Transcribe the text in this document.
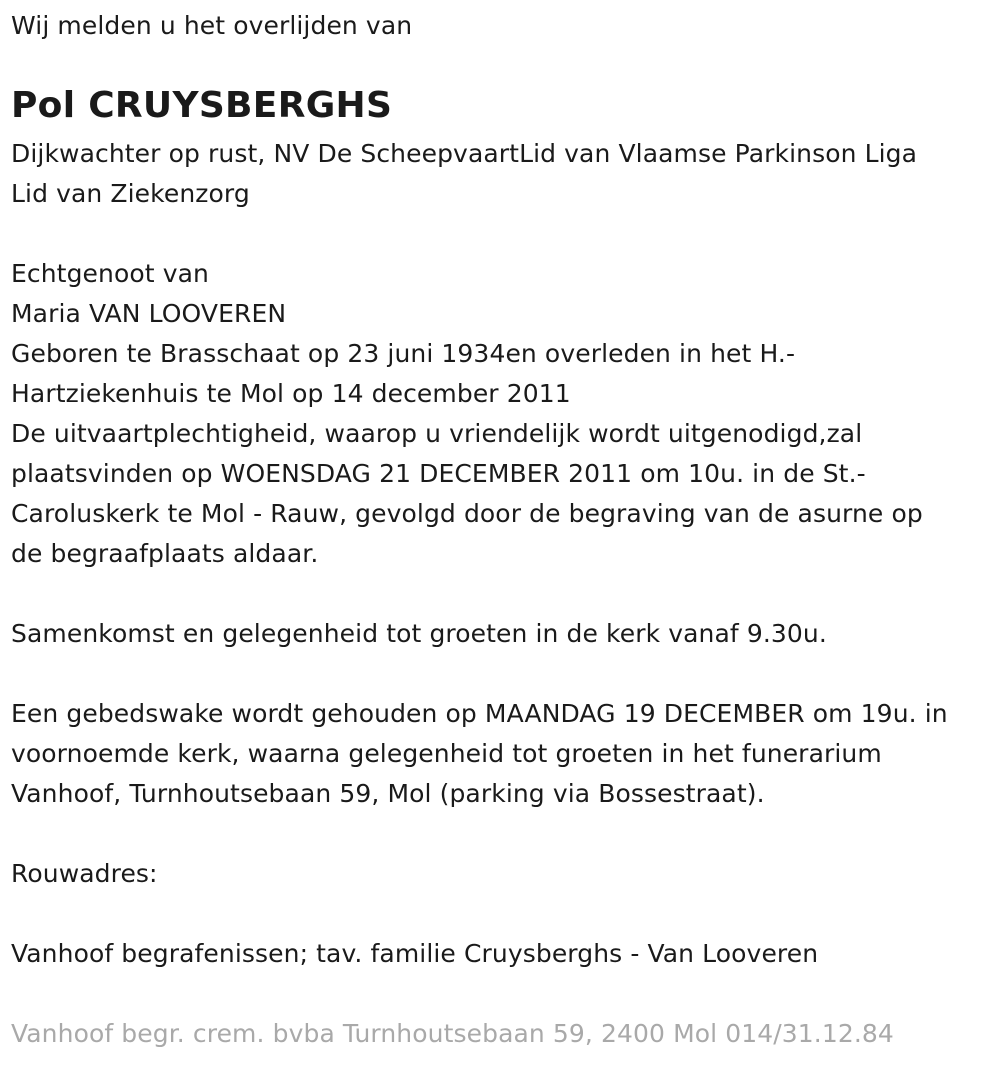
Wij melden u het overlijden van
Pol CRUYSBERGHS
Dijkwachter op rust, NV De ScheepvaartLid van Vlaamse Parkinson Liga
Lid van Ziekenzorg
Echtgenoot van
Maria VAN LOOVEREN
Geboren te Brasschaat op 23 juni 1934en overleden in het H.-
Hartziekenhuis te Mol op 14 december 2011
De uitvaartplechtigheid, waarop u vriendelijk wordt uitgenodigd,zal
plaatsvinden op WOENSDAG 21 DECEMBER 2011 om 10u. in de St.-
Caroluskerk te Mol - Rauw, gevolgd door de begraving van de asurne op
de begraafplaats aldaar.
Samenkomst en gelegenheid tot groeten in de kerk vanaf 9.30u.
Een gebedswake wordt gehouden op MAANDAG 19 DECEMBER om 19u. in
voornoemde kerk, waarna gelegenheid tot groeten in het funerarium
Vanhoof, Turnhoutsebaan 59, Mol (parking via Bossestraat).
Rouwadres:
Vanhoof begrafenissen; tav. familie Cruysberghs - Van Looveren
Vanhoof begr. crem. bvba Turnhoutsebaan 59, 2400 Mol 014/31.12.84
